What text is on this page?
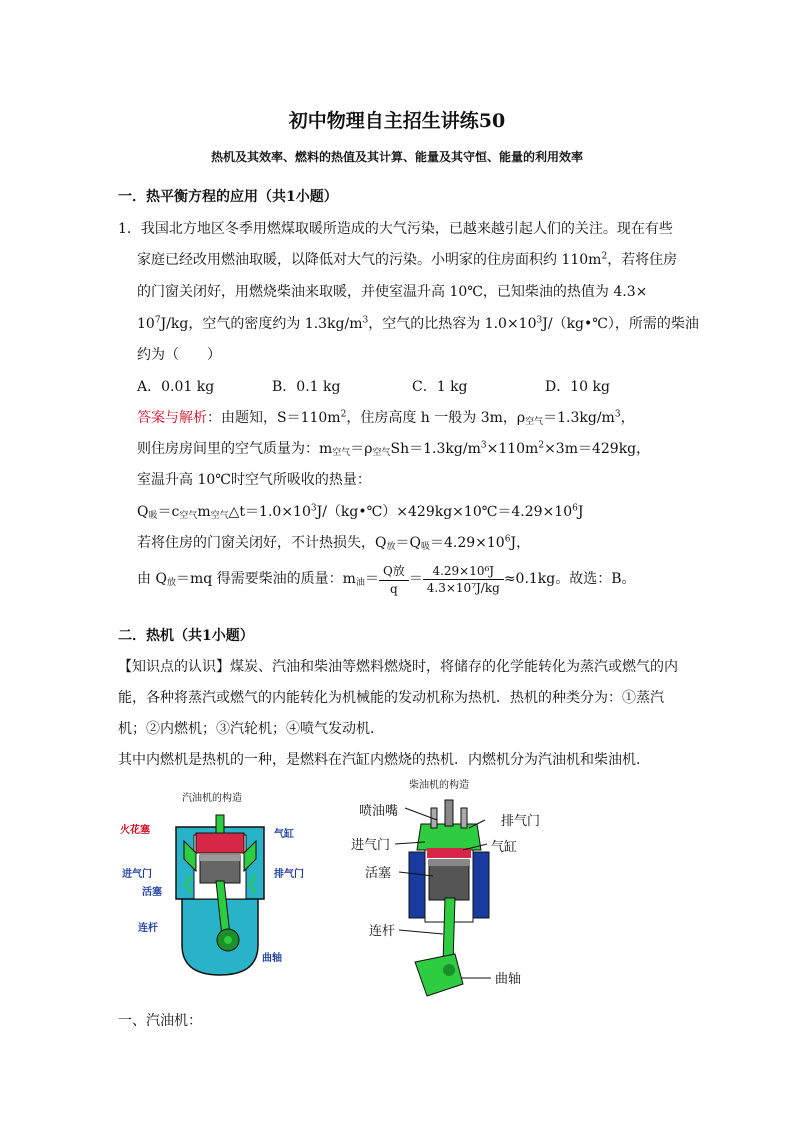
初中物理自主招生讲练50
热机及其效率、燃料的热值及其计算、能量及其守恒、能量的利用效率
一．热平衡方程的应用（共1小题）
1．我国北方地区冬季用燃煤取暖所造成的大气污染，已越来越引起人们的关注。现在有些
家庭已经改用燃油取暖，以降低对大气的污染。小明家的住房面积约 $110m^2$，若将住房
的门窗关闭好，用燃烧柴油来取暖，并使室温升高 10℃，已知柴油的热值为 4.3×
$10^7J/kg$，空气的密度约为 $1.3kg/m^3$，空气的比热容为 $1.0\times 10^3J/(kg•℃)$，所需的柴油
约为（　　）
A．0.01 kg	B．0.1 kg	C．1 kg	D．10 kg
答案与解析：由题知，$S=110m^2$，住房高度 h 一般为 3m，$\rho_{空气}=1.3kg/m^3$，
则住房房间里的空气质量为：$m_{空气}=\rho_{空气}Sh=1.3kg/m^3\times 110m^2\times 3m=429kg$，
室温升高 10℃时空气所吸收的热量：
$Q_吸=c_{空气}m_{空气}\triangle t=1.0\times 10^3J/(kg•℃)\times 429kg\times 10℃=4.29\times 10^6J$
若将住房的门窗关闭好，不计热损失，$Q_放=Q_吸=4.29\times 10^6J$，
由 $Q_放=mq$ 得需要柴油的质量：$m_油= \frac{\text{Q放}}{q} = \frac{\text{4.29×10⁶J}}{\text{4.3×10⁷J/kg}} \approx 0.1kg$。故选：B。
二．热机（共1小题）
【知识点的认识】煤炭、汽油和柴油等燃料燃烧时，将储存的化学能转化为蒸汽或燃气的内
能，各种将蒸汽或燃气的内能转化为机械能的发动机称为热机．热机的种类分为：①蒸汽
机；②内燃机；③汽轮机；④喷气发动机．
其中内燃机是热机的一种，是燃料在汽缸内燃烧的热机．内燃机分为汽油机和柴油机．
汽油机的构造
火花塞	气缸
进气门	排气门
活塞
连杆
曲轴
柴油机的构造
喷油嘴
排气门
进气门	气缸
活塞
连杆
曲轴
一、汽油机：
